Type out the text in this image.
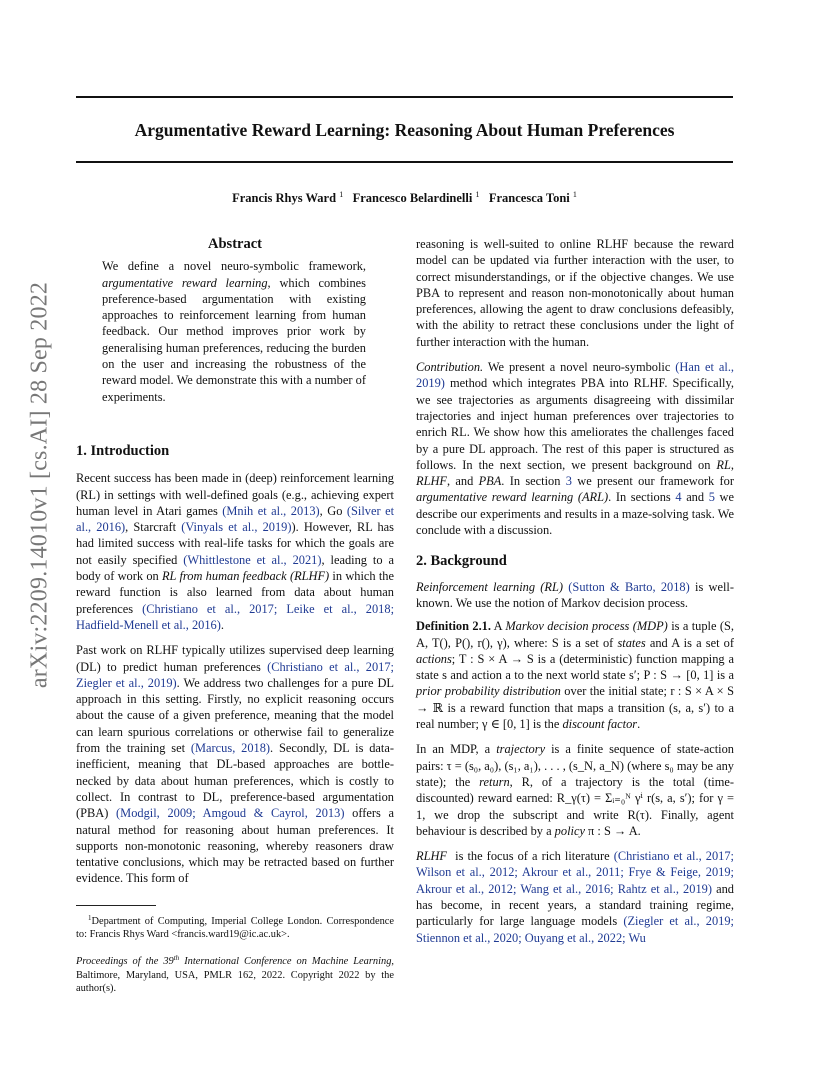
Argumentative Reward Learning: Reasoning About Human Preferences
Francis Rhys Ward $^1$ Francesco Belardinelli $^1$ Francesca Toni $^1$
arXiv:2209.14010v1 [cs.AI] 28 Sep 2022
Abstract

We define a novel neuro-symbolic framework, argumentative reward learning, which combines preference-based argumentation with existing approaches to reinforcement learning from human feedback. Our method improves prior work by generalising human preferences, reducing the burden on the user and increasing the robustness of the reward model. We demonstrate this with a number of experiments.

1. Introduction

Recent success has been made in (deep) reinforcement learning (RL) in settings with well-defined goals (e.g., achieving expert human level in Atari games (Mnih et al., 2013), Go (Silver et al., 2016), Starcraft (Vinyals et al., 2019)). However, RL has had limited success with real-life tasks for which the goals are not easily specified (Whittlestone et al., 2021), leading to a body of work on RL from human feedback (RLHF) in which the reward function is also learned from data about human preferences (Christiano et al., 2017; Leike et al., 2018; Hadfield-Menell et al., 2016).

Past work on RLHF typically utilizes supervised deep learning (DL) to predict human preferences (Christiano et al., 2017; Ziegler et al., 2019). We address two challenges for a pure DL approach in this setting. Firstly, no explicit reasoning occurs about the cause of a given preference, meaning that the model can learn spurious correlations or otherwise fail to generalize from the training set (Marcus, 2018). Secondly, DL is data-inefficient, meaning that DL-based approaches are bottle-necked by data about human preferences, which is costly to collect. In contrast to DL, preference-based argumentation (PBA) (Modgil, 2009; Amgoud & Cayrol, 2013) offers a natural method for reasoning about human preferences. It supports non-monotonic reasoning, whereby reasoners draw tentative conclusions, which may be retracted based on further evidence. This form of

$^1$Department of Computing, Imperial College London. Correspondence to: Francis Rhys Ward <francis.ward19@ic.ac.uk>.

Proceedings of the 39th International Conference on Machine Learning, Baltimore, Maryland, USA, PMLR 162, 2022. Copyright 2022 by the author(s).

reasoning is well-suited to online RLHF because the reward model can be updated via further interaction with the user, to correct misunderstandings, or if the objective changes. We use PBA to represent and reason non-monotonically about human preferences, allowing the agent to draw conclusions defeasibly, with the ability to retract these conclusions under the light of further interaction with the human.

Contribution. We present a novel neuro-symbolic (Han et al., 2019) method which integrates PBA into RLHF. Specifically, we see trajectories as arguments disagreeing with dissimilar trajectories and inject human preferences over trajectories to enrich RL. We show how this ameliorates the challenges faced by a pure DL approach. The rest of this paper is structured as follows. In the next section, we present background on RL, RLHF, and PBA. In section 3 we present our framework for argumentative reward learning (ARL). In sections 4 and 5 we describe our experiments and results in a maze-solving task. We conclude with a discussion.

2. Background

Reinforcement learning (RL) (Sutton & Barto, 2018) is well-known. We use the notion of Markov decision process.

Definition 2.1. A Markov decision process (MDP) is a tuple (S, A, T(), P(), r(), γ), where: S is a set of states and A is a set of actions; T : S × A → S is a (deterministic) function mapping a state s and action a to the next world state s′; P : S → [0, 1] is a prior probability distribution over the initial state; r : S × A × S → ℝ is a reward function that maps a transition (s, a, s′) to a real number; γ ∈ [0, 1] is the discount factor.

In an MDP, a trajectory is a finite sequence of state-action pairs: τ = (s₀, a₀), (s₁, a₁), . . . , (s_N, a_N) (where s₀ may be any state); the return, R, of a trajectory is the total (time-discounted) reward earned: R_γ(τ) = Σᵢ₌₀ᴺ γⁱ r(s, a, s′); for γ = 1, we drop the subscript and write R(τ). Finally, agent behaviour is described by a policy π : S → A.

RLHF  is the focus of a rich literature (Christiano et al., 2017; Wilson et al., 2012; Akrour et al., 2011; Frye & Feige, 2019; Akrour et al., 2012; Wang et al., 2016; Rahtz et al., 2019) and has become, in recent years, a standard training regime, particularly for large language models (Ziegler et al., 2019; Stiennon et al., 2020; Ouyang et al., 2022; Wu
